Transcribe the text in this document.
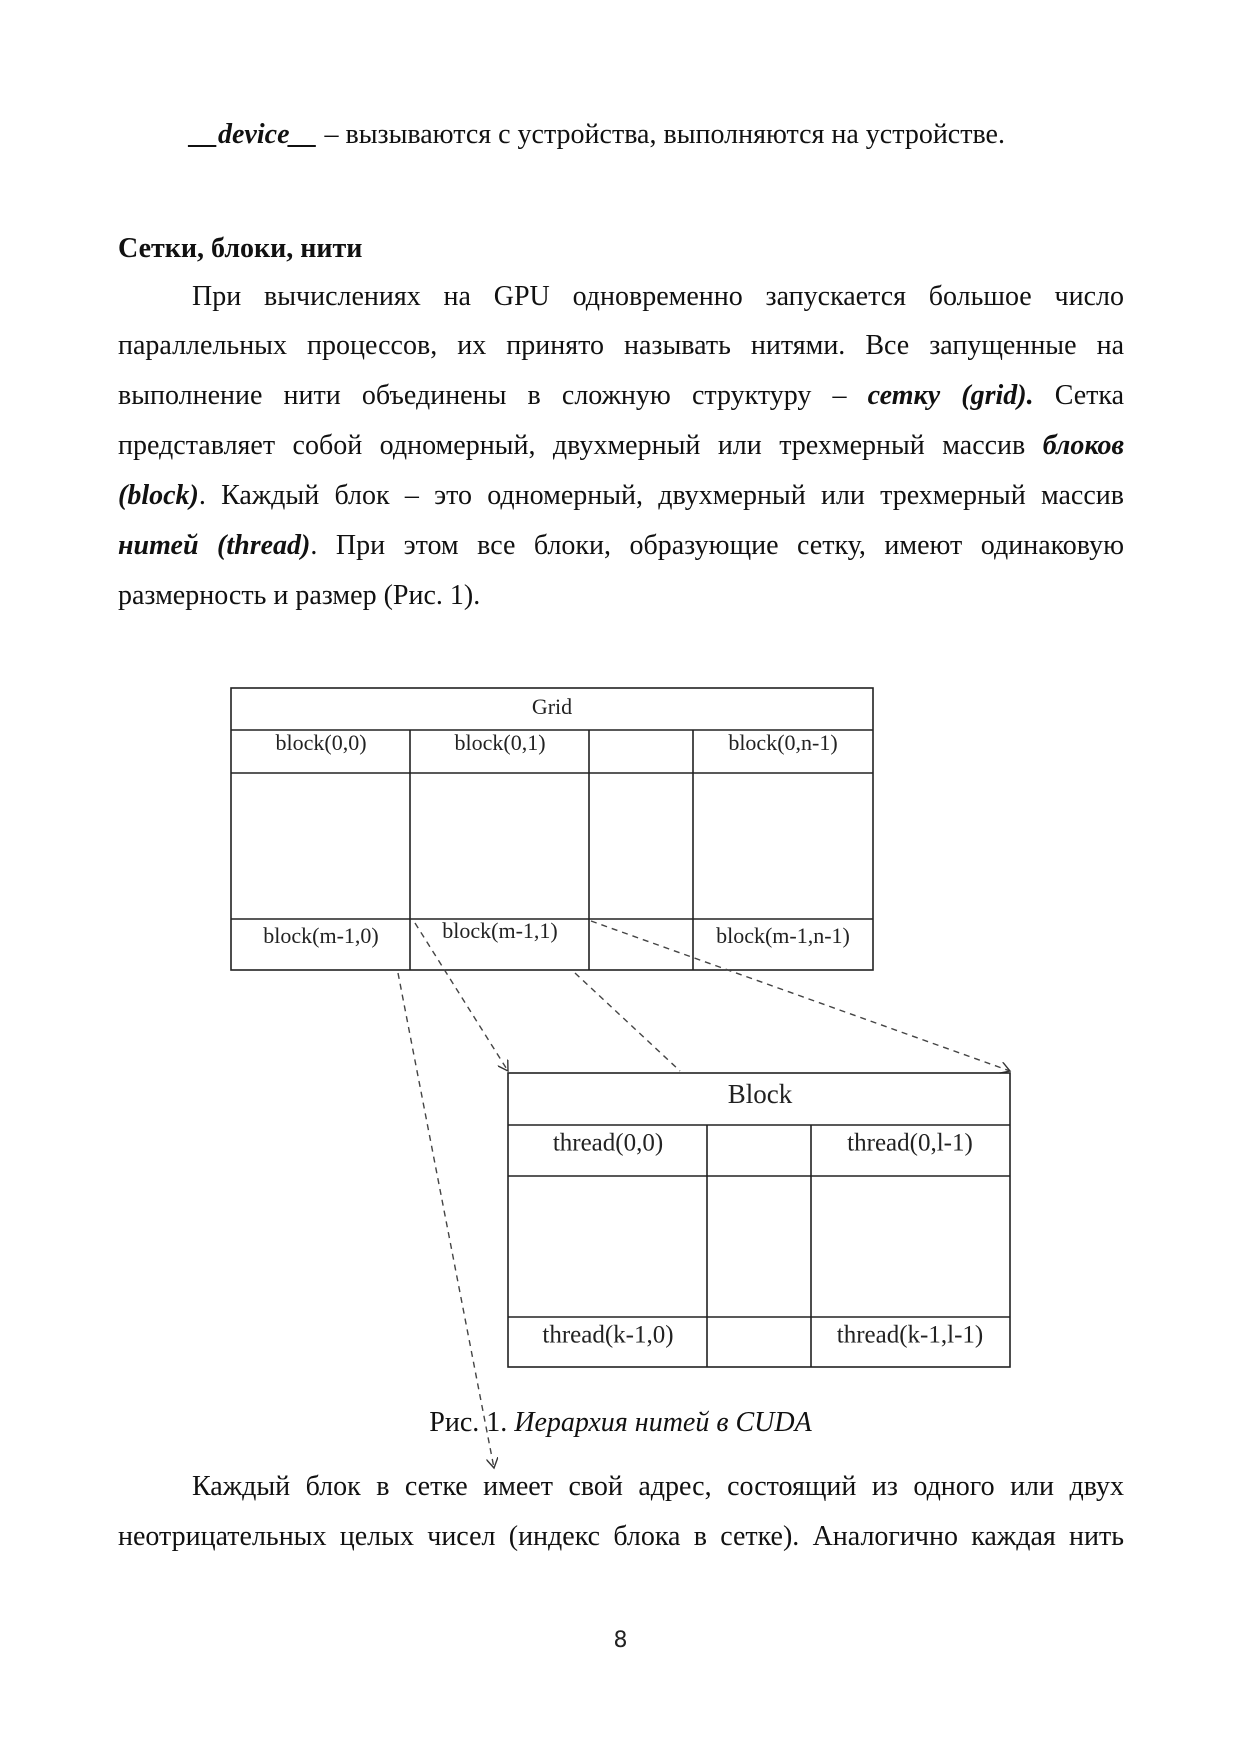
__device__ – вызываются с устройства, выполняются на устройстве.
Сетки, блоки, нити
При вычислениях на GPU одновременно запускается большое число
параллельных процессов, их принято называть нитями. Все запущенные на
выполнение нити объединены в сложную структуру – сетку (grid). Сетка
представляет собой одномерный, двухмерный или трехмерный массив блоков
(block). Каждый блок – это одномерный, двухмерный или трехмерный массив
нитей (thread). При этом все блоки, образующие сетку, имеют одинаковую
размерность и размер (Рис. 1).
Grid
block(0,0)	block(0,1)	block(0,n-1)
block(m-1,0)	block(m-1,1)	block(m-1,n-1)
Block
thread(0,0)	thread(0,l-1)
thread(k-1,0)	thread(k-1,l-1)
Рис. 1. Иерархия нитей в CUDA
Каждый блок в сетке имеет свой адрес, состоящий из одного или двух
неотрицательных целых чисел (индекс блока в сетке). Аналогично каждая нить
8
